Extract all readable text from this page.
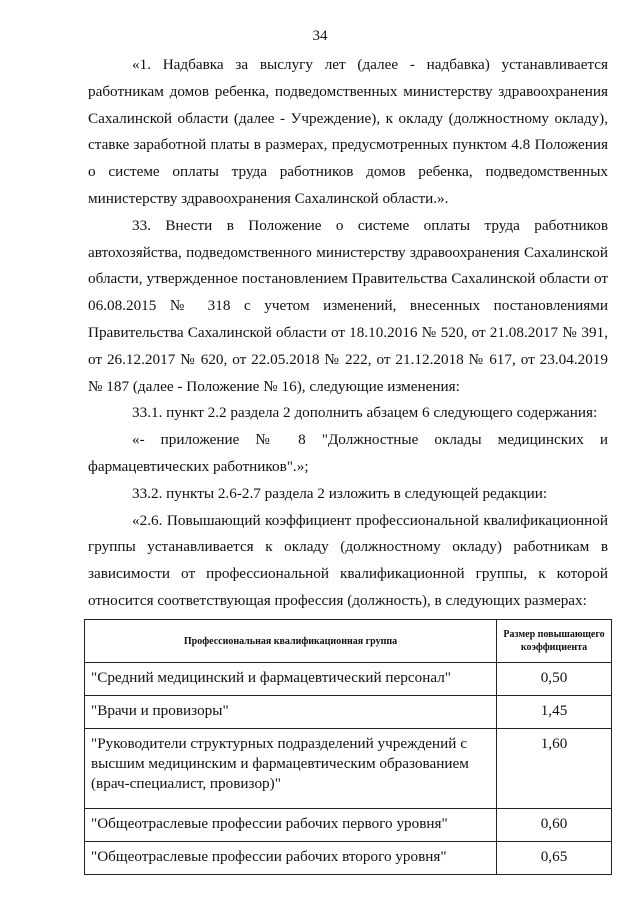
34

«1. Надбавка за выслугу лет (далее - надбавка) устанавливается работникам домов ребенка, подведомственных министерству здравоохранения Сахалинской области (далее - Учреждение), к окладу (должностному окладу), ставке заработной платы в размерах, предусмотренных пунктом 4.8 Положения о системе оплаты труда работников домов ребенка, подведомственных министерству здравоохранения Сахалинской области.».

33. Внести в Положение о системе оплаты труда работников автохозяйства, подведомственного министерству здравоохранения Сахалинской области, утвержденное постановлением Правительства Сахалинской области от 06.08.2015 № 318 с учетом изменений, внесенных постановлениями Правительства Сахалинской области от 18.10.2016 № 520, от 21.08.2017 № 391, от 26.12.2017 № 620, от 22.05.2018 № 222, от 21.12.2018 № 617, от 23.04.2019 № 187 (далее - Положение № 16), следующие изменения:

33.1. пункт 2.2 раздела 2 дополнить абзацем 6 следующего содержания:

«- приложение № 8 "Должностные оклады медицинских и фармацевтических работников".»;

33.2. пункты 2.6-2.7 раздела 2 изложить в следующей редакции:

«2.6. Повышающий коэффициент профессиональной квалификационной группы устанавливается к окладу (должностному окладу) работникам в зависимости от профессиональной квалификационной группы, к которой относится соответствующая профессия (должность), в следующих размерах:

Профессиональная квалификационная группа	Размер повышающего коэффициента
"Средний медицинский и фармацевтический персонал"	0,50
"Врачи и провизоры"	1,45
"Руководители структурных подразделений учреждений с высшим медицинским и фармацевтическим образованием (врач-специалист, провизор)"	1,60
"Общеотраслевые профессии рабочих первого уровня"	0,60
"Общеотраслевые профессии рабочих второго уровня"	0,65
